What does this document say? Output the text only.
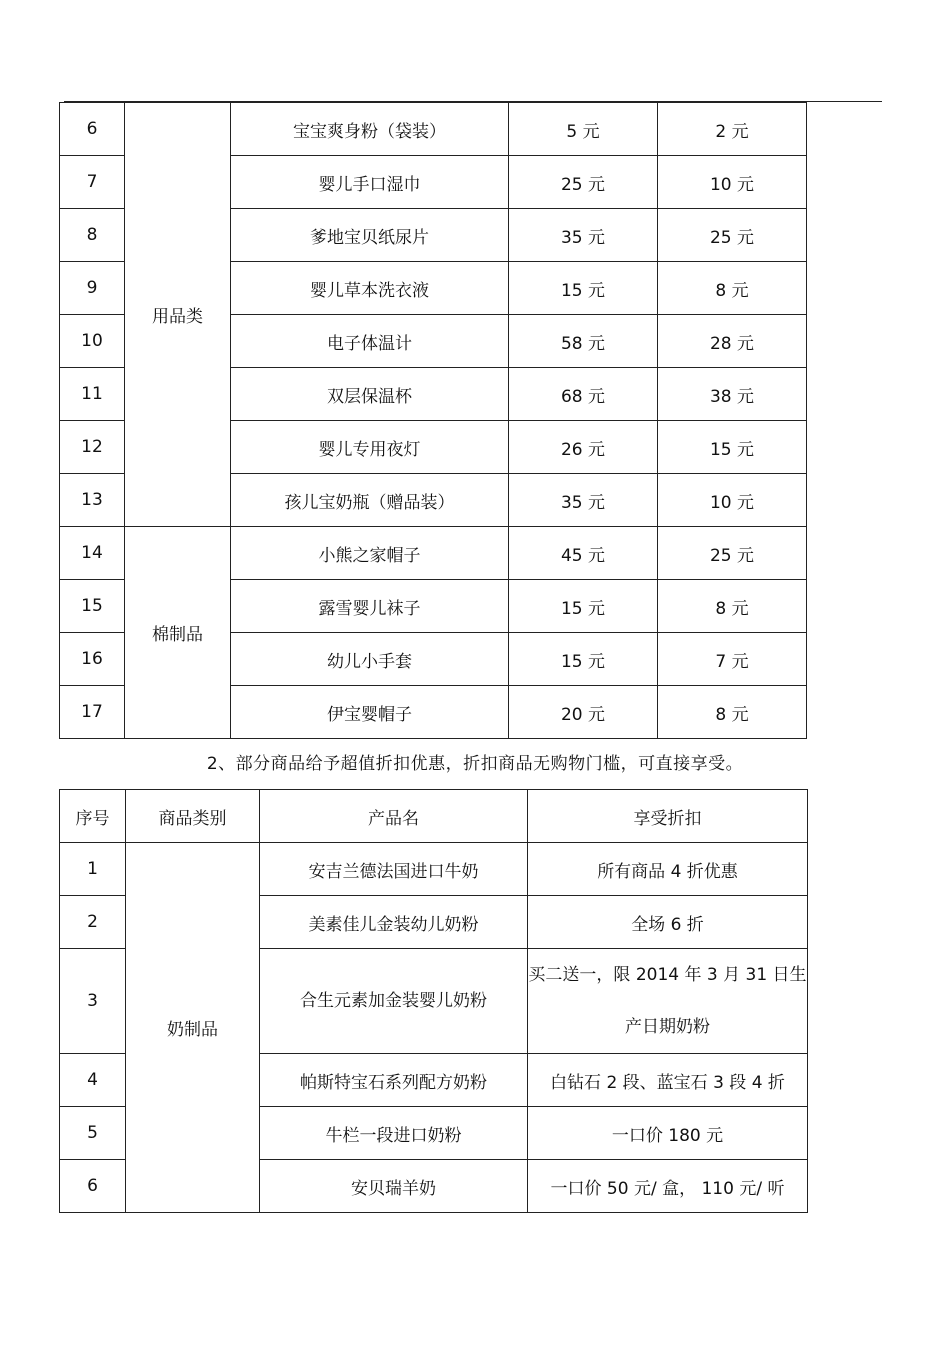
6	用品类	宝宝爽身粉（袋装）	5 元	2 元
7		婴儿手口湿巾	25 元	10 元
8		爹地宝贝纸尿片	35 元	25 元
9		婴儿草本洗衣液	15 元	8 元
10		电子体温计	58 元	28 元
11		双层保温杯	68 元	38 元
12		婴儿专用夜灯	26 元	15 元
13		孩儿宝奶瓶（赠品装）	35 元	10 元
14	棉制品	小熊之家帽子	45 元	25 元
15		露雪婴儿袜子	15 元	8 元
16		幼儿小手套	15 元	7 元
17		伊宝婴帽子	20 元	8 元
2、部分商品给予超值折扣优惠，折扣商品无购物门槛，可直接享受。
序号	商品类别	产品名	享受折扣
1	奶制品	安吉兰德法国进口牛奶	所有商品 4 折优惠
2		美素佳儿金装幼儿奶粉	全场 6 折
3		合生元素加金装婴儿奶粉	买二送一，限 2014 年 3 月 31 日生产日期奶粉
4		帕斯特宝石系列配方奶粉	白钻石 2 段、蓝宝石 3 段 4 折
5		牛栏一段进口奶粉	一口价 180 元
6		安贝瑞羊奶	一口价 50 元/ 盒， 110 元/ 听
